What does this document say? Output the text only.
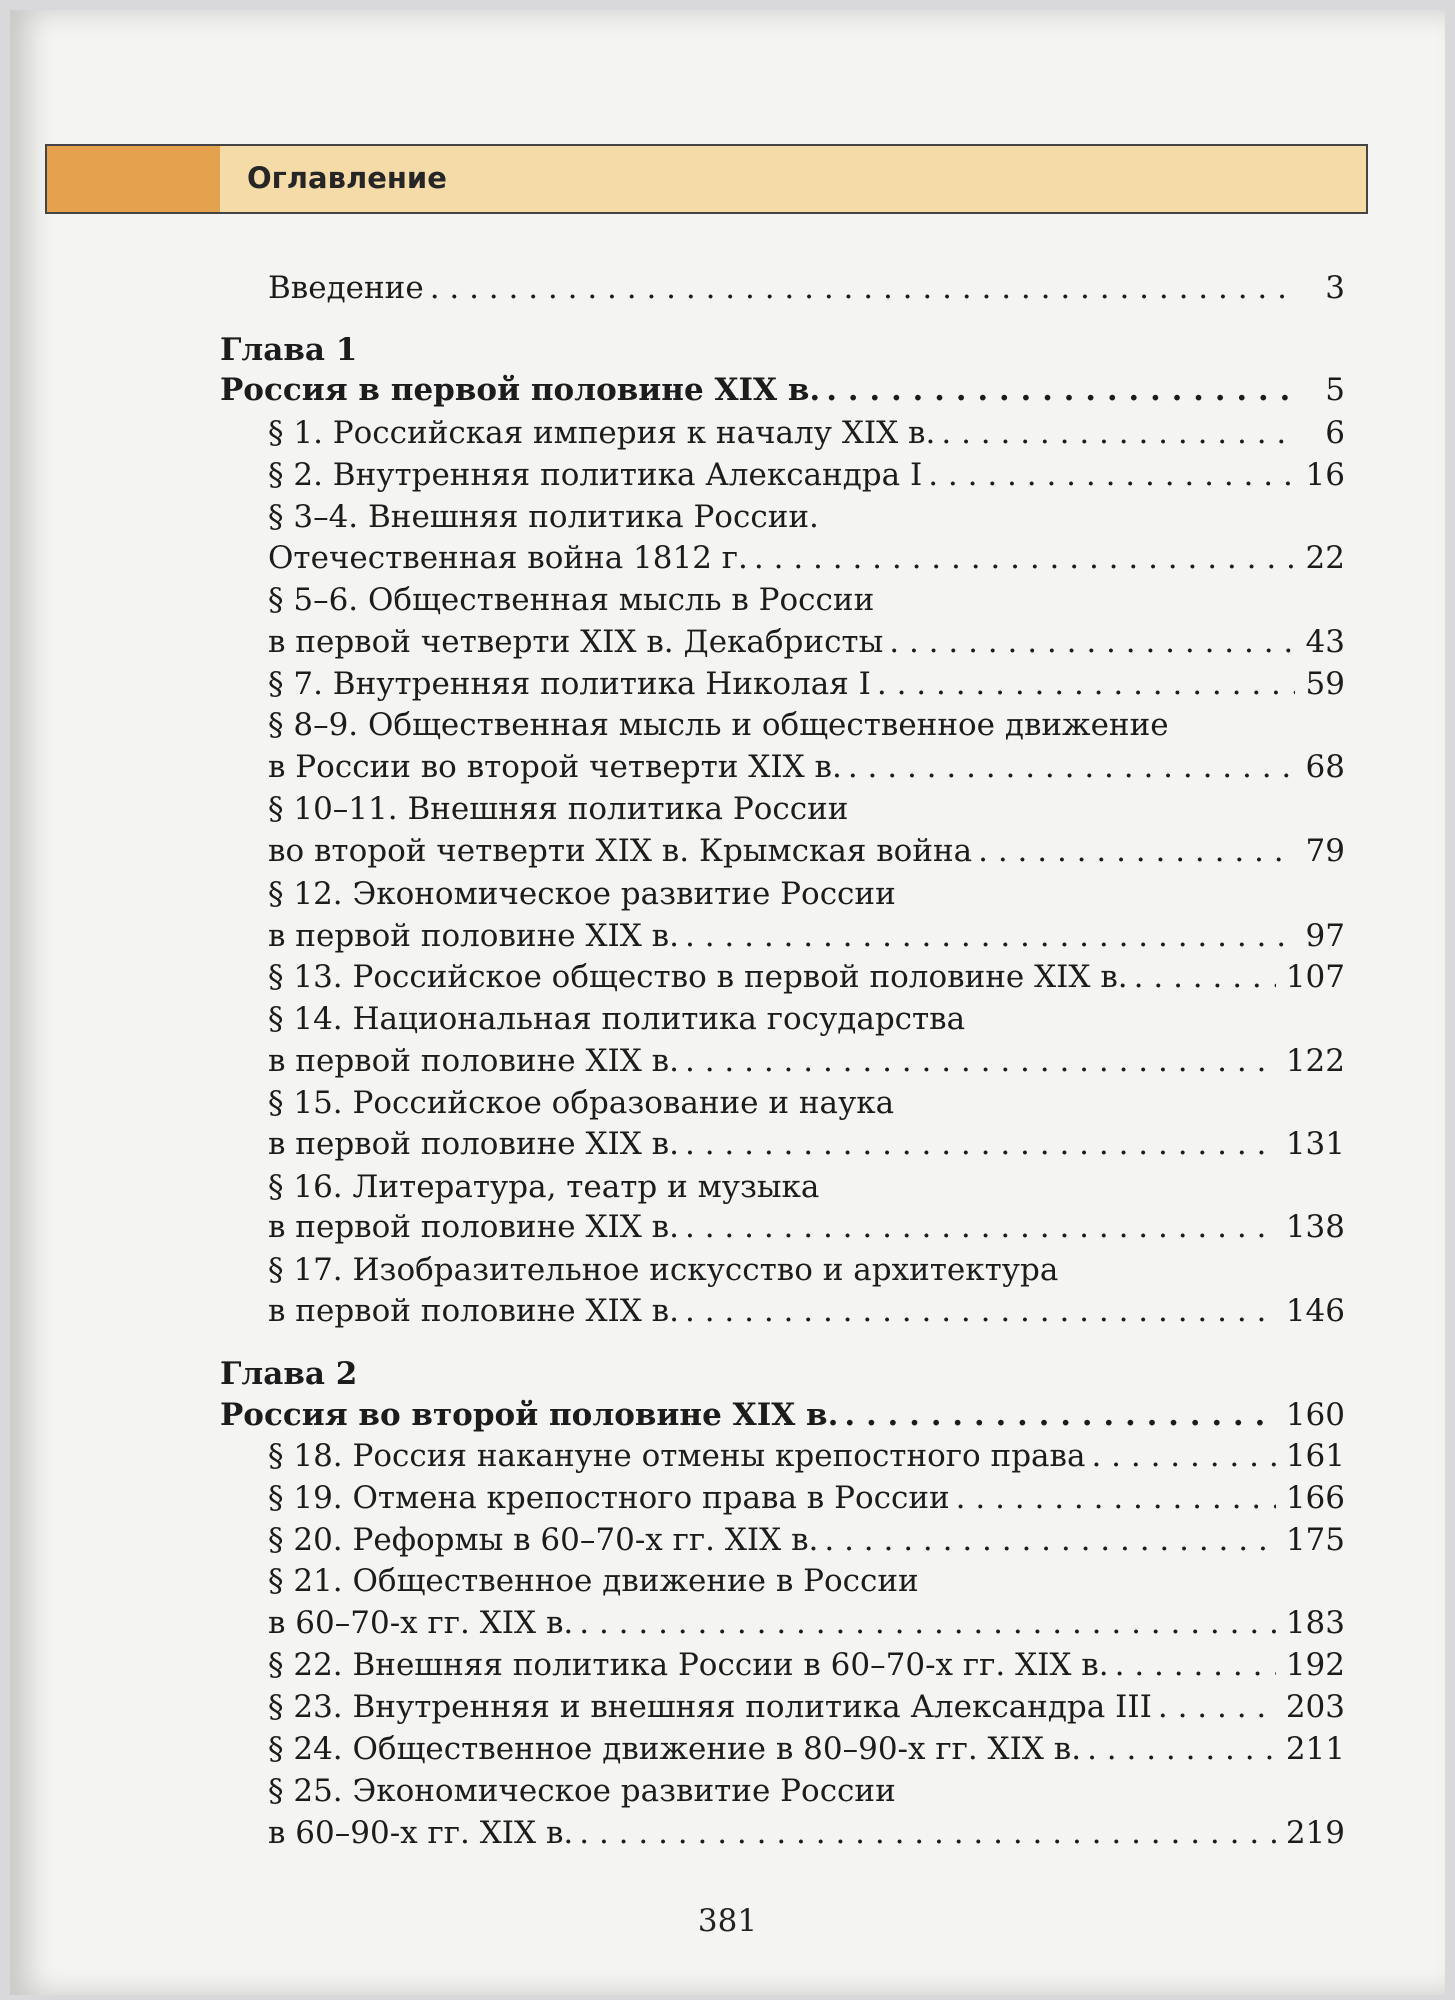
Оглавление
Введение . . .	3
Глава 1
Россия в первой половине XIX в. . . .	5
§ 1. Российская империя к началу XIX в. . . .	6
§ 2. Внутренняя политика Александра I . . .	16
§ 3–4. Внешняя политика России.
Отечественная война 1812 г. . . .	22
§ 5–6. Общественная мысль в России
в первой четверти XIX в. Декабристы . . .	43
§ 7. Внутренняя политика Николая I . . .	59
§ 8–9. Общественная мысль и общественное движение
в России во второй четверти XIX в. . . .	68
§ 10–11. Внешняя политика России
во второй четверти XIX в. Крымская война . . .	79
§ 12. Экономическое развитие России
в первой половине XIX в. . . .	97
§ 13. Российское общество в первой половине XIX в. . . .	107
§ 14. Национальная политика государства
в первой половине XIX в. . . .	122
§ 15. Российское образование и наука
в первой половине XIX в. . . .	131
§ 16. Литература, театр и музыка
в первой половине XIX в. . . .	138
§ 17. Изобразительное искусство и архитектура
в первой половине XIX в. . . .	146
Глава 2
Россия во второй половине XIX в. . . .	160
§ 18. Россия накануне отмены крепостного права . . .	161
§ 19. Отмена крепостного права в России . . .	166
§ 20. Реформы в 60–70-х гг. XIX в. . . .	175
§ 21. Общественное движение в России
в 60–70-х гг. XIX в. . . .	183
§ 22. Внешняя политика России в 60–70-х гг. XIX в. . . .	192
§ 23. Внутренняя и внешняя политика Александра III . . .	203
§ 24. Общественное движение в 80–90-х гг. XIX в. . . .	211
§ 25. Экономическое развитие России
в 60–90-х гг. XIX в. . . .	219
381
